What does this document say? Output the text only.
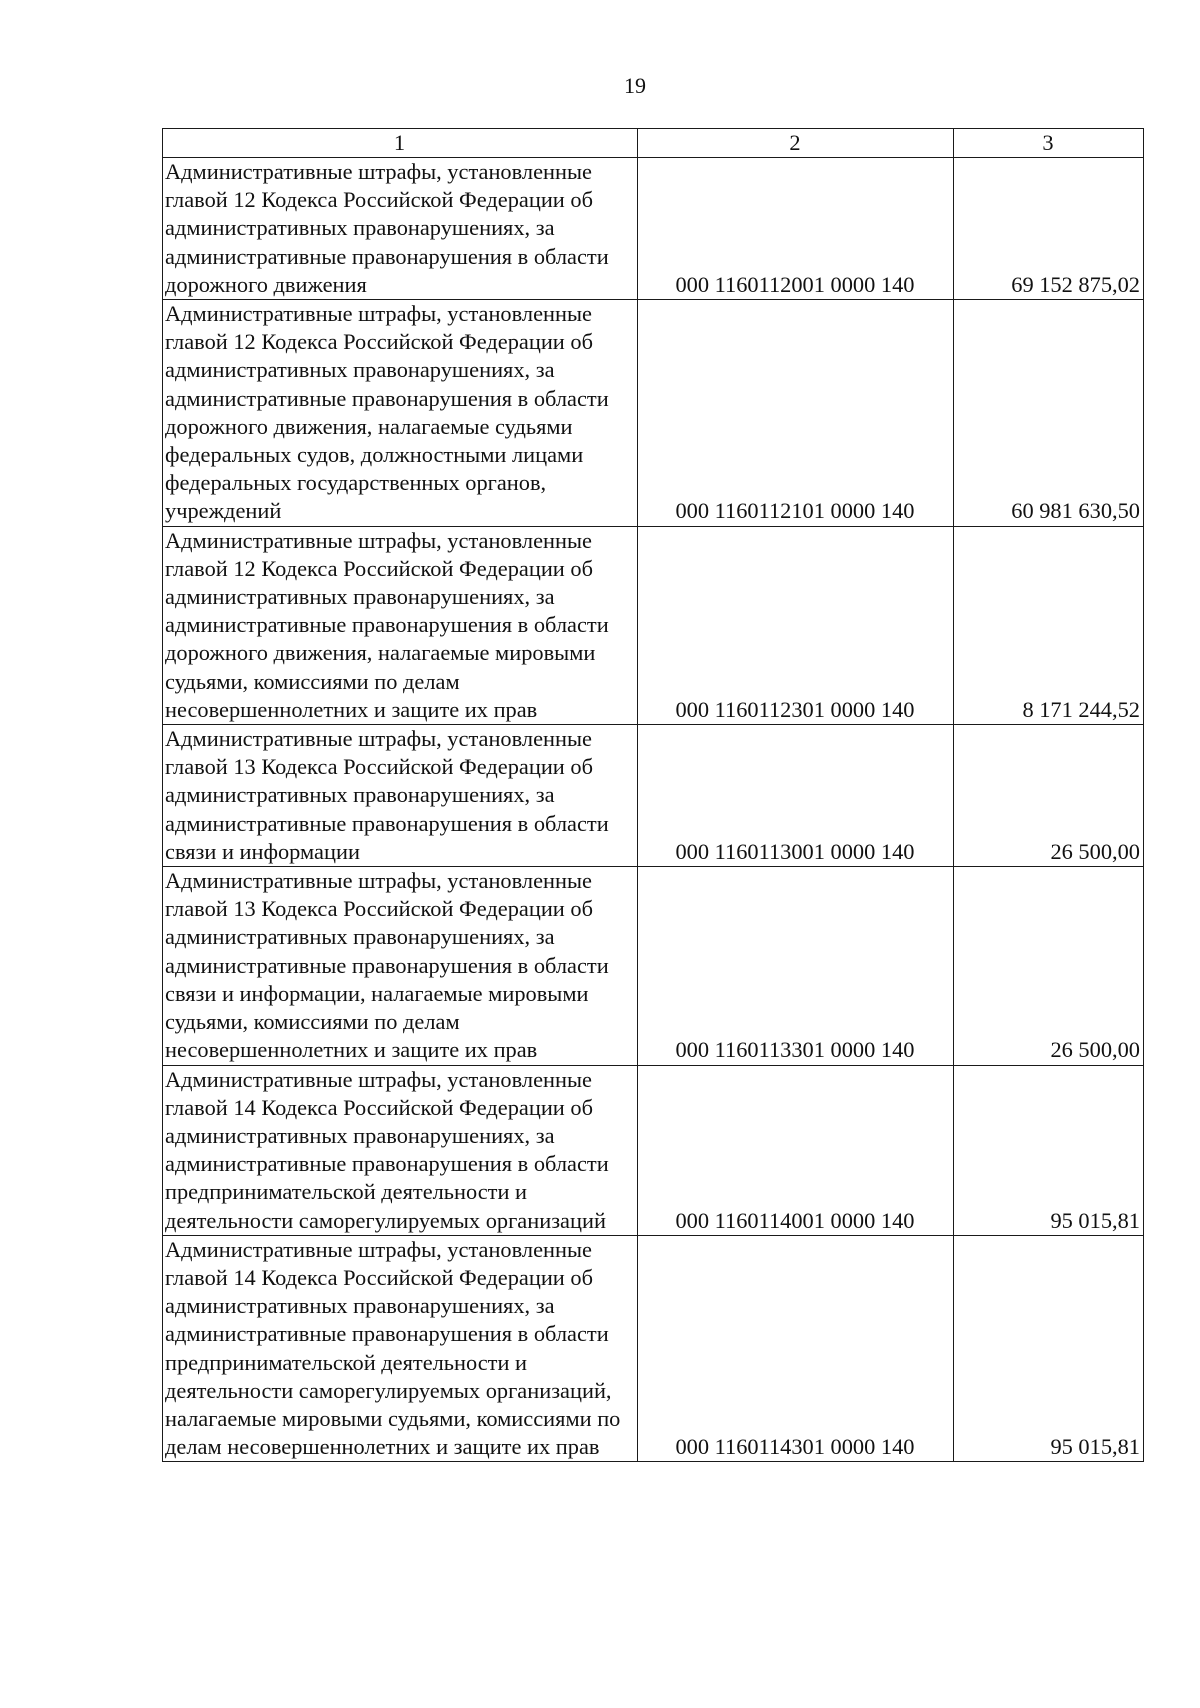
19
1	2	3
Административные штрафы, установленные главой 12 Кодекса Российской Федерации об административных правонарушениях, за административные правонарушения в области дорожного движения	000 1160112001 0000 140	69 152 875,02
Административные штрафы, установленные главой 12 Кодекса Российской Федерации об административных правонарушениях, за административные правонарушения в области дорожного движения, налагаемые судьями федеральных судов, должностными лицами федеральных государственных органов, учреждений	000 1160112101 0000 140	60 981 630,50
Административные штрафы, установленные главой 12 Кодекса Российской Федерации об административных правонарушениях, за административные правонарушения в области дорожного движения, налагаемые мировыми судьями, комиссиями по делам несовершеннолетних и защите их прав	000 1160112301 0000 140	8 171 244,52
Административные штрафы, установленные главой 13 Кодекса Российской Федерации об административных правонарушениях, за административные правонарушения в области связи и информации	000 1160113001 0000 140	26 500,00
Административные штрафы, установленные главой 13 Кодекса Российской Федерации об административных правонарушениях, за административные правонарушения в области связи и информации, налагаемые мировыми судьями, комиссиями по делам несовершеннолетних и защите их прав	000 1160113301 0000 140	26 500,00
Административные штрафы, установленные главой 14 Кодекса Российской Федерации об административных правонарушениях, за административные правонарушения в области предпринимательской деятельности и деятельности саморегулируемых организаций	000 1160114001 0000 140	95 015,81
Административные штрафы, установленные главой 14 Кодекса Российской Федерации об административных правонарушениях, за административные правонарушения в области предпринимательской деятельности и деятельности саморегулируемых организаций, налагаемые мировыми судьями, комиссиями по делам несовершеннолетних и защите их прав	000 1160114301 0000 140	95 015,81
